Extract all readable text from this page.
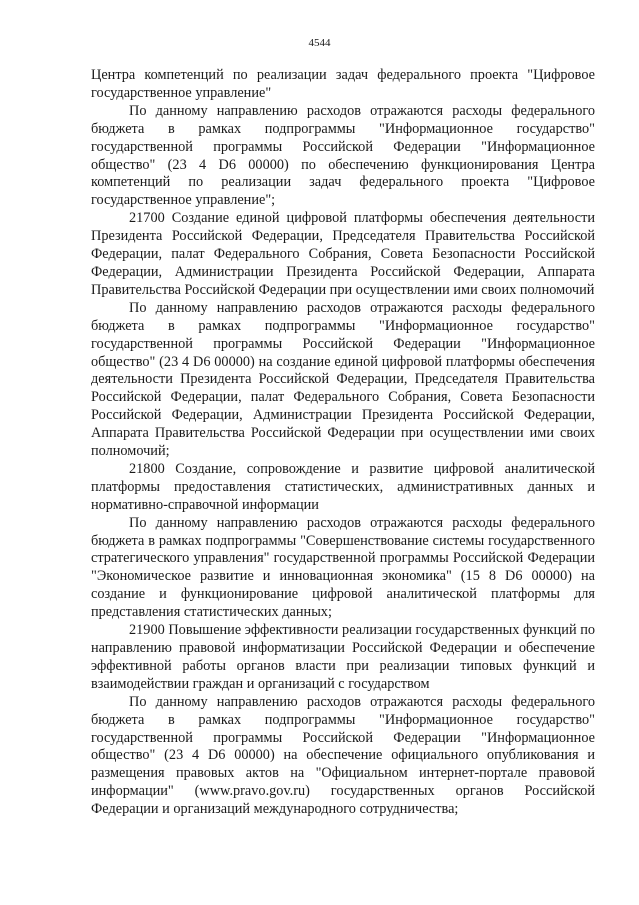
4544

Центра компетенций по реализации задач федерального проекта "Цифровое государственное управление"

По данному направлению расходов отражаются расходы федерального бюджета в рамках подпрограммы "Информационное государство" государственной программы Российской Федерации "Информационное общество" (23 4 D6 00000) по обеспечению функционирования Центра компетенций по реализации задач федерального проекта "Цифровое государственное управление";

21700 Создание единой цифровой платформы обеспечения деятельности Президента Российской Федерации, Председателя Правительства Российской Федерации, палат Федерального Собрания, Совета Безопасности Российской Федерации, Администрации Президента Российской Федерации, Аппарата Правительства Российской Федерации при осуществлении ими своих полномочий

По данному направлению расходов отражаются расходы федерального бюджета в рамках подпрограммы "Информационное государство" государственной программы Российской Федерации "Информационное общество" (23 4 D6 00000) на создание единой цифровой платформы обеспечения деятельности Президента Российской Федерации, Председателя Правительства Российской Федерации, палат Федерального Собрания, Совета Безопасности Российской Федерации, Администрации Президента Российской Федерации, Аппарата Правительства Российской Федерации при осуществлении ими своих полномочий;

21800 Создание, сопровождение и развитие цифровой аналитической платформы предоставления статистических, административных данных и нормативно-справочной информации

По данному направлению расходов отражаются расходы федерального бюджета в рамках подпрограммы "Совершенствование системы государственного стратегического управления" государственной программы Российской Федерации "Экономическое развитие и инновационная экономика" (15 8 D6 00000) на создание и функционирование цифровой аналитической платформы для представления статистических данных;

21900 Повышение эффективности реализации государственных функций по направлению правовой информатизации Российской Федерации и обеспечение эффективной работы органов власти при реализации типовых функций и взаимодействии граждан и организаций с государством

По данному направлению расходов отражаются расходы федерального бюджета в рамках подпрограммы "Информационное государство" государственной программы Российской Федерации "Информационное общество" (23 4 D6 00000) на обеспечение официального опубликования и размещения правовых актов на "Официальном интернет-портале правовой информации" (www.pravo.gov.ru) государственных органов Российской Федерации и организаций международного сотрудничества;
